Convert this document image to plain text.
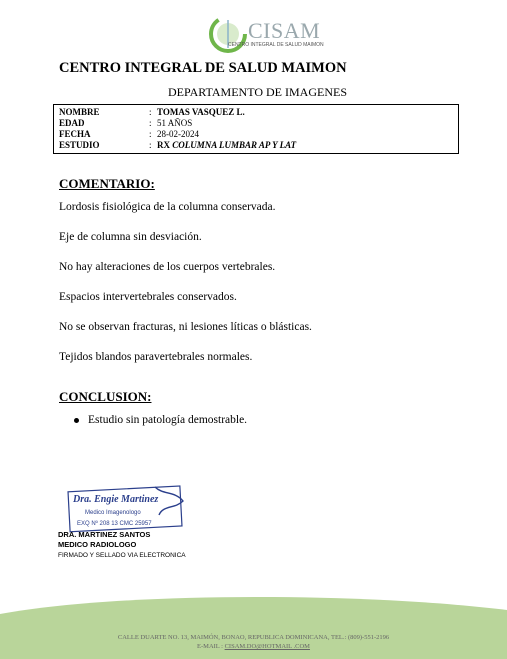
CISAM
CENTRO INTEGRAL DE SALUD MAIMON
CENTRO INTEGRAL DE SALUD MAIMON
DEPARTAMENTO DE IMAGENES
NOMBRE	: TOMAS VASQUEZ L.
EDAD	: 51 AÑOS
FECHA	: 28-02-2024
ESTUDIO	: RX COLUMNA LUMBAR AP Y LAT
COMENTARIO:
Lordosis fisiológica de la columna conservada.
Eje de columna sin desviación.
No hay alteraciones de los cuerpos vertebrales.
Espacios intervertebrales conservados.
No se observan fracturas, ni lesiones líticas o blásticas.
Tejidos blandos paravertebrales normales.
CONCLUSION:
Estudio sin patología demostrable.
Dra. Engie Martinez
Medico Imagenologo
EXQ Nº 208 13 CMC 25957
DRA. MARTINEZ SANTOS
MEDICO RADIOLOGO
FIRMADO Y SELLADO VIA ELECTRONICA
CALLE DUARTE NO. 13, MAIMÓN, BONAO, REPUBLICA DOMINICANA, TEL.: (809)-551-2196
E-MAIL : CISAM.DO@HOTMAIL .COM
